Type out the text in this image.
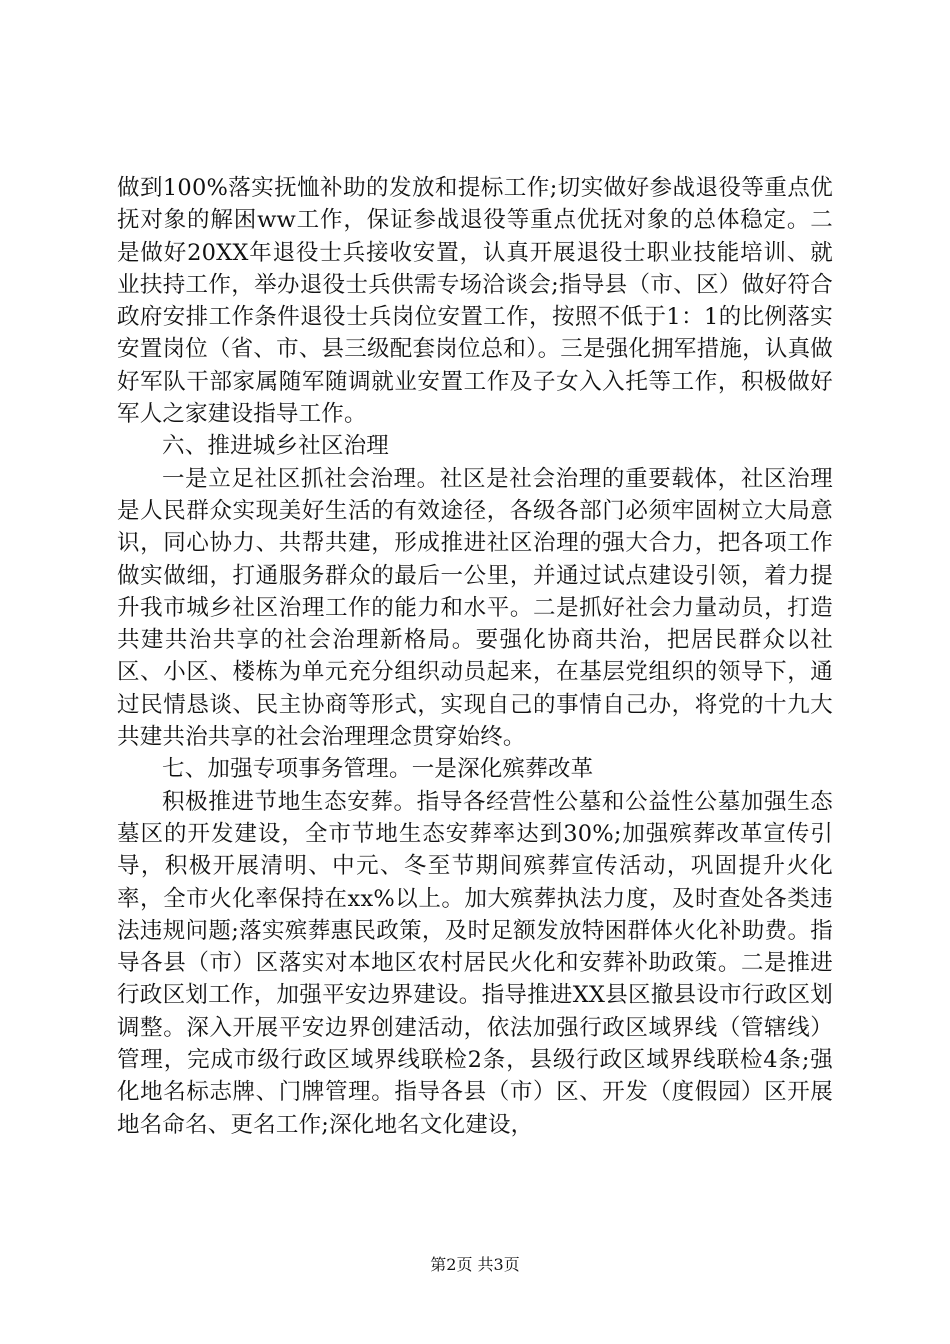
做到100%落实抚恤补助的发放和提标工作;切实做好参战退役等重点优抚对象的解困ww工作，保证参战退役等重点优抚对象的总体稳定。二是做好20XX年退役士兵接收安置，认真开展退役士职业技能培训、就业扶持工作，举办退役士兵供需专场洽谈会;指导县（市、区）做好符合政府安排工作条件退役士兵岗位安置工作，按照不低于1：1的比例落实安置岗位（省、市、县三级配套岗位总和）。三是强化拥军措施，认真做好军队干部家属随军随调就业安置工作及子女入入托等工作，积极做好军人之家建设指导工作。

六、推进城乡社区治理

一是立足社区抓社会治理。社区是社会治理的重要载体，社区治理是人民群众实现美好生活的有效途径，各级各部门必须牢固树立大局意识，同心协力、共帮共建，形成推进社区治理的强大合力，把各项工作做实做细，打通服务群众的最后一公里，并通过试点建设引领，着力提升我市城乡社区治理工作的能力和水平。二是抓好社会力量动员，打造共建共治共享的社会治理新格局。要强化协商共治，把居民群众以社区、小区、楼栋为单元充分组织动员起来，在基层党组织的领导下，通过民情恳谈、民主协商等形式，实现自己的事情自己办，将党的十九大共建共治共享的社会治理理念贯穿始终。

七、加强专项事务管理。一是深化殡葬改革

积极推进节地生态安葬。指导各经营性公墓和公益性公墓加强生态墓区的开发建设，全市节地生态安葬率达到30%;加强殡葬改革宣传引导，积极开展清明、中元、冬至节期间殡葬宣传活动，巩固提升火化率，全市火化率保持在xx%以上。加大殡葬执法力度，及时查处各类违法违规问题;落实殡葬惠民政策，及时足额发放特困群体火化补助费。指导各县（市）区落实对本地区农村居民火化和安葬补助政策。二是推进行政区划工作，加强平安边界建设。指导推进XX县区撤县设市行政区划调整。深入开展平安边界创建活动，依法加强行政区域界线（管辖线）管理，完成市级行政区域界线联检2条，县级行政区域界线联检4条;强化地名标志牌、门牌管理。指导各县（市）区、开发（度假园）区开展地名命名、更名工作;深化地名文化建设，

第2页 共3页
